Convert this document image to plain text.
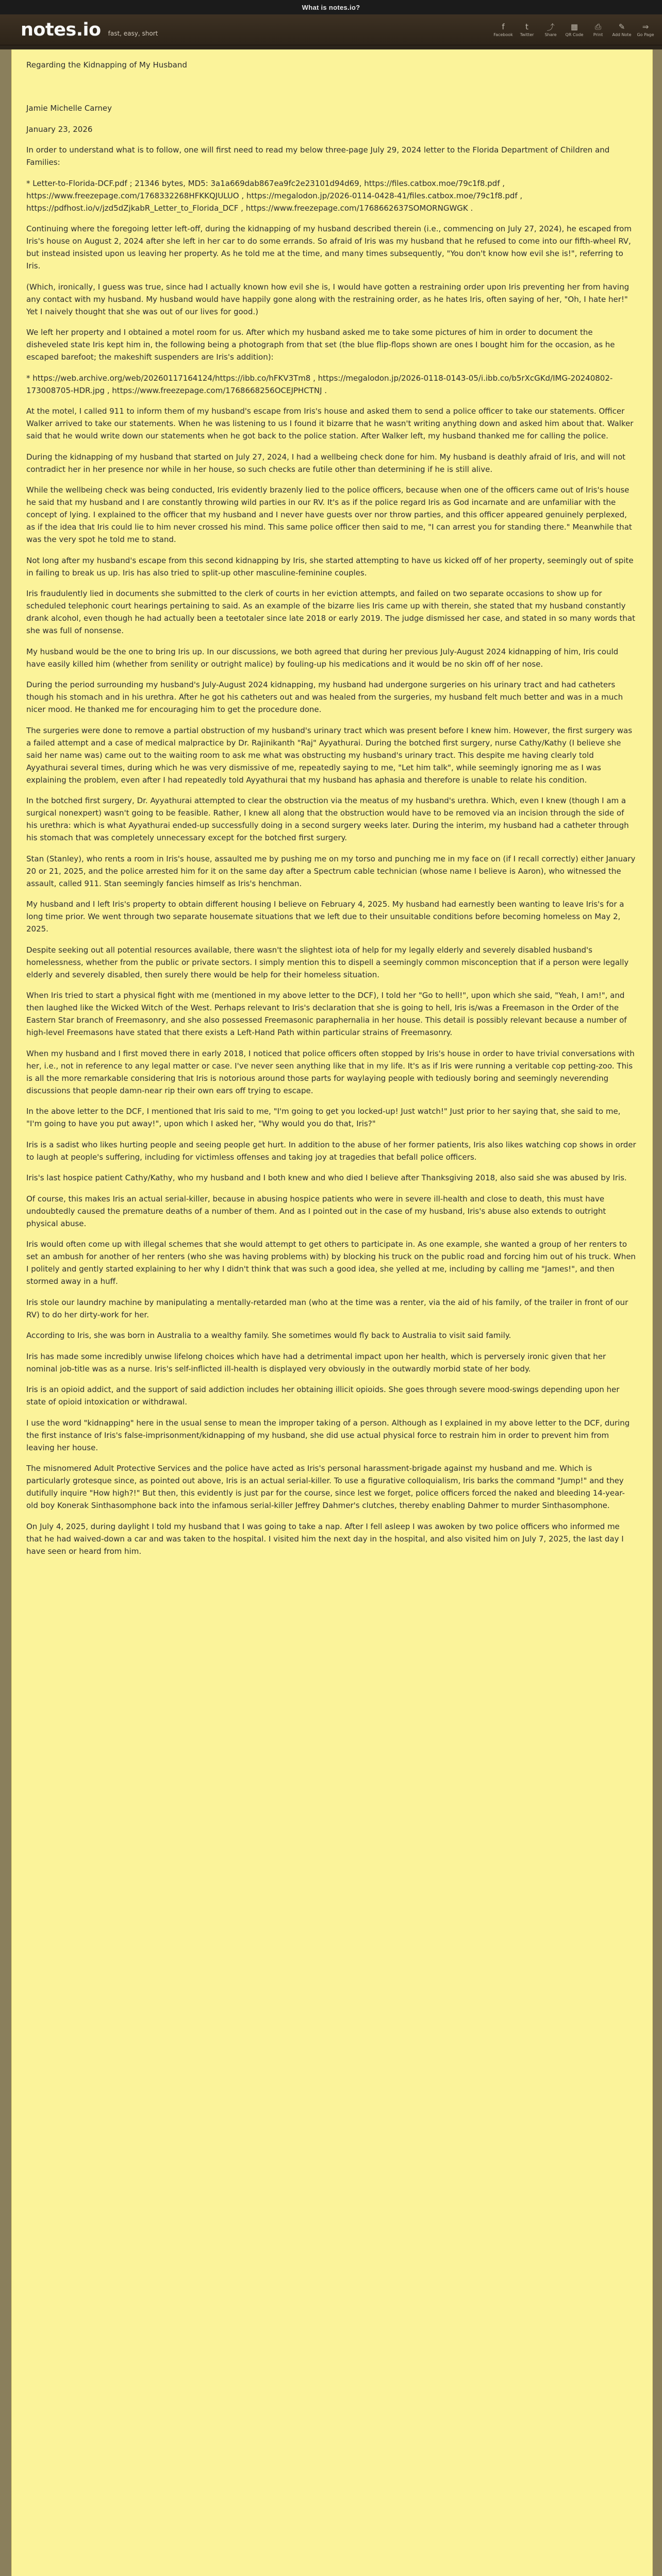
What is notes.io?
notes.io fast, easy, short
f
Facebook
t
Twitter
⤴
Share
▦
QR Code
⎙
Print
✎
Add Note
⇒
Go Page

Regarding the Kidnapping of My Husband

Jamie Michelle Carney

January 23, 2026

In order to understand what is to follow, one will first need to read my below three-page July 29, 2024 letter to the Florida Department of Children and Families:

* Letter-to-Florida-DCF.pdf ; 21346 bytes, MD5: 3a1a669dab867ea9fc2e23101d94d69, https://files.catbox.moe/79c1f8.pdf , https://www.freezepage.com/1768332268HFKKQJULUO , https://megalodon.jp/2026-0114-0428-41/files.catbox.moe/79c1f8.pdf , https://pdfhost.io/v/jzd5dZjkabR_Letter_to_Florida_DCF , https://www.freezepage.com/1768662637SOMORNGWGK .

Continuing where the foregoing letter left-off, during the kidnapping of my husband described therein (i.e., commencing on July 27, 2024), he escaped from Iris's house on August 2, 2024 after she left in her car to do some errands. So afraid of Iris was my husband that he refused to come into our fifth-wheel RV, but instead insisted upon us leaving her property. As he told me at the time, and many times subsequently, "You don't know how evil she is!", referring to Iris.

(Which, ironically, I guess was true, since had I actually known how evil she is, I would have gotten a restraining order upon Iris preventing her from having any contact with my husband. My husband would have happily gone along with the restraining order, as he hates Iris, often saying of her, "Oh, I hate her!" Yet I naively thought that she was out of our lives for good.)

We left her property and I obtained a motel room for us. After which my husband asked me to take some pictures of him in order to document the disheveled state Iris kept him in, the following being a photograph from that set (the blue flip-flops shown are ones I bought him for the occasion, as he escaped barefoot; the makeshift suspenders are Iris's addition):

* https://web.archive.org/web/20260117164124/https://ibb.co/hFKV3Tm8 , https://megalodon.jp/2026-0118-0143-05/i.ibb.co/b5rXcGKd/IMG-20240802-173008705-HDR.jpg , https://www.freezepage.com/1768668256OCEJPHCTNJ .

At the motel, I called 911 to inform them of my husband's escape from Iris's house and asked them to send a police officer to take our statements. Officer Walker arrived to take our statements. When he was listening to us I found it bizarre that he wasn't writing anything down and asked him about that. Walker said that he would write down our statements when he got back to the police station. After Walker left, my husband thanked me for calling the police.

During the kidnapping of my husband that started on July 27, 2024, I had a wellbeing check done for him. My husband is deathly afraid of Iris, and will not contradict her in her presence nor while in her house, so such checks are futile other than determining if he is still alive.

While the wellbeing check was being conducted, Iris evidently brazenly lied to the police officers, because when one of the officers came out of Iris's house he said that my husband and I are constantly throwing wild parties in our RV. It's as if the police regard Iris as God incarnate and are unfamiliar with the concept of lying. I explained to the officer that my husband and I never have guests over nor throw parties, and this officer appeared genuinely perplexed, as if the idea that Iris could lie to him never crossed his mind. This same police officer then said to me, "I can arrest you for standing there." Meanwhile that was the very spot he told me to stand.

Not long after my husband's escape from this second kidnapping by Iris, she started attempting to have us kicked off of her property, seemingly out of spite in failing to break us up. Iris has also tried to split-up other masculine-feminine couples.

Iris fraudulently lied in documents she submitted to the clerk of courts in her eviction attempts, and failed on two separate occasions to show up for scheduled telephonic court hearings pertaining to said. As an example of the bizarre lies Iris came up with therein, she stated that my husband constantly drank alcohol, even though he had actually been a teetotaler since late 2018 or early 2019. The judge dismissed her case, and stated in so many words that she was full of nonsense.

My husband would be the one to bring Iris up. In our discussions, we both agreed that during her previous July-August 2024 kidnapping of him, Iris could have easily killed him (whether from senility or outright malice) by fouling-up his medications and it would be no skin off of her nose.

During the period surrounding my husband's July-August 2024 kidnapping, my husband had undergone surgeries on his urinary tract and had catheters though his stomach and in his urethra. After he got his catheters out and was healed from the surgeries, my husband felt much better and was in a much nicer mood. He thanked me for encouraging him to get the procedure done.

The surgeries were done to remove a partial obstruction of my husband's urinary tract which was present before I knew him. However, the first surgery was a failed attempt and a case of medical malpractice by Dr. Rajinikanth "Raj" Ayyathurai. During the botched first surgery, nurse Cathy/Kathy (I believe she said her name was) came out to the waiting room to ask me what was obstructing my husband's urinary tract. This despite me having clearly told Ayyathurai several times, during which he was very dismissive of me, repeatedly saying to me, "Let him talk", while seemingly ignoring me as I was explaining the problem, even after I had repeatedly told Ayyathurai that my husband has aphasia and therefore is unable to relate his condition.

In the botched first surgery, Dr. Ayyathurai attempted to clear the obstruction via the meatus of my husband's urethra. Which, even I knew (though I am a surgical nonexpert) wasn't going to be feasible. Rather, I knew all along that the obstruction would have to be removed via an incision through the side of his urethra: which is what Ayyathurai ended-up successfully doing in a second surgery weeks later. During the interim, my husband had a catheter through his stomach that was completely unnecessary except for the botched first surgery.

Stan (Stanley), who rents a room in Iris's house, assaulted me by pushing me on my torso and punching me in my face on (if I recall correctly) either January 20 or 21, 2025, and the police arrested him for it on the same day after a Spectrum cable technician (whose name I believe is Aaron), who witnessed the assault, called 911. Stan seemingly fancies himself as Iris's henchman.

My husband and I left Iris's property to obtain different housing I believe on February 4, 2025. My husband had earnestly been wanting to leave Iris's for a long time prior. We went through two separate housemate situations that we left due to their unsuitable conditions before becoming homeless on May 2, 2025.

Despite seeking out all potential resources available, there wasn't the slightest iota of help for my legally elderly and severely disabled husband's homelessness, whether from the public or private sectors. I simply mention this to dispell a seemingly common misconception that if a person were legally elderly and severely disabled, then surely there would be help for their homeless situation.

When Iris tried to start a physical fight with me (mentioned in my above letter to the DCF), I told her "Go to hell!", upon which she said, "Yeah, I am!", and then laughed like the Wicked Witch of the West. Perhaps relevant to Iris's declaration that she is going to hell, Iris is/was a Freemason in the Order of the Eastern Star branch of Freemasonry, and she also possessed Freemasonic paraphernalia in her house. This detail is possibly relevant because a number of high-level Freemasons have stated that there exists a Left-Hand Path within particular strains of Freemasonry.

When my husband and I first moved there in early 2018, I noticed that police officers often stopped by Iris's house in order to have trivial conversations with her, i.e., not in reference to any legal matter or case. I've never seen anything like that in my life. It's as if Iris were running a veritable cop petting-zoo. This is all the more remarkable considering that Iris is notorious around those parts for waylaying people with tediously boring and seemingly neverending discussions that people damn-near rip their own ears off trying to escape.

In the above letter to the DCF, I mentioned that Iris said to me, "I'm going to get you locked-up! Just watch!" Just prior to her saying that, she said to me, "I'm going to have you put away!", upon which I asked her, "Why would you do that, Iris?"

Iris is a sadist who likes hurting people and seeing people get hurt. In addition to the abuse of her former patients, Iris also likes watching cop shows in order to laugh at people's suffering, including for victimless offenses and taking joy at tragedies that befall police officers.

Iris's last hospice patient Cathy/Kathy, who my husband and I both knew and who died I believe after Thanksgiving 2018, also said she was abused by Iris.

Of course, this makes Iris an actual serial-killer, because in abusing hospice patients who were in severe ill-health and close to death, this must have undoubtedly caused the premature deaths of a number of them. And as I pointed out in the case of my husband, Iris's abuse also extends to outright physical abuse.

Iris would often come up with illegal schemes that she would attempt to get others to participate in. As one example, she wanted a group of her renters to set an ambush for another of her renters (who she was having problems with) by blocking his truck on the public road and forcing him out of his truck. When I politely and gently started explaining to her why I didn't think that was such a good idea, she yelled at me, including by calling me "James!", and then stormed away in a huff.

Iris stole our laundry machine by manipulating a mentally-retarded man (who at the time was a renter, via the aid of his family, of the trailer in front of our RV) to do her dirty-work for her.

According to Iris, she was born in Australia to a wealthy family. She sometimes would fly back to Australia to visit said family.

Iris has made some incredibly unwise lifelong choices which have had a detrimental impact upon her health, which is perversely ironic given that her nominal job-title was as a nurse. Iris's self-inflicted ill-health is displayed very obviously in the outwardly morbid state of her body.

Iris is an opioid addict, and the support of said addiction includes her obtaining illicit opioids. She goes through severe mood-swings depending upon her state of opioid intoxication or withdrawal.

I use the word "kidnapping" here in the usual sense to mean the improper taking of a person. Although as I explained in my above letter to the DCF, during the first instance of Iris's false-imprisonment/kidnapping of my husband, she did use actual physical force to restrain him in order to prevent him from leaving her house.

The misnomered Adult Protective Services and the police have acted as Iris's personal harassment-brigade against my husband and me. Which is particularly grotesque since, as pointed out above, Iris is an actual serial-killer. To use a figurative colloquialism, Iris barks the command "Jump!" and they dutifully inquire "How high?!" But then, this evidently is just par for the course, since lest we forget, police officers forced the naked and bleeding 14-year-old boy Konerak Sinthasomphone back into the infamous serial-killer Jeffrey Dahmer's clutches, thereby enabling Dahmer to murder Sinthasomphone.

On July 4, 2025, during daylight I told my husband that I was going to take a nap. After I fell asleep I was awoken by two police officers who informed me that he had waived-down a car and was taken to the hospital. I visited him the next day in the hospital, and also visited him on July 7, 2025, the last day I have seen or heard from him.
